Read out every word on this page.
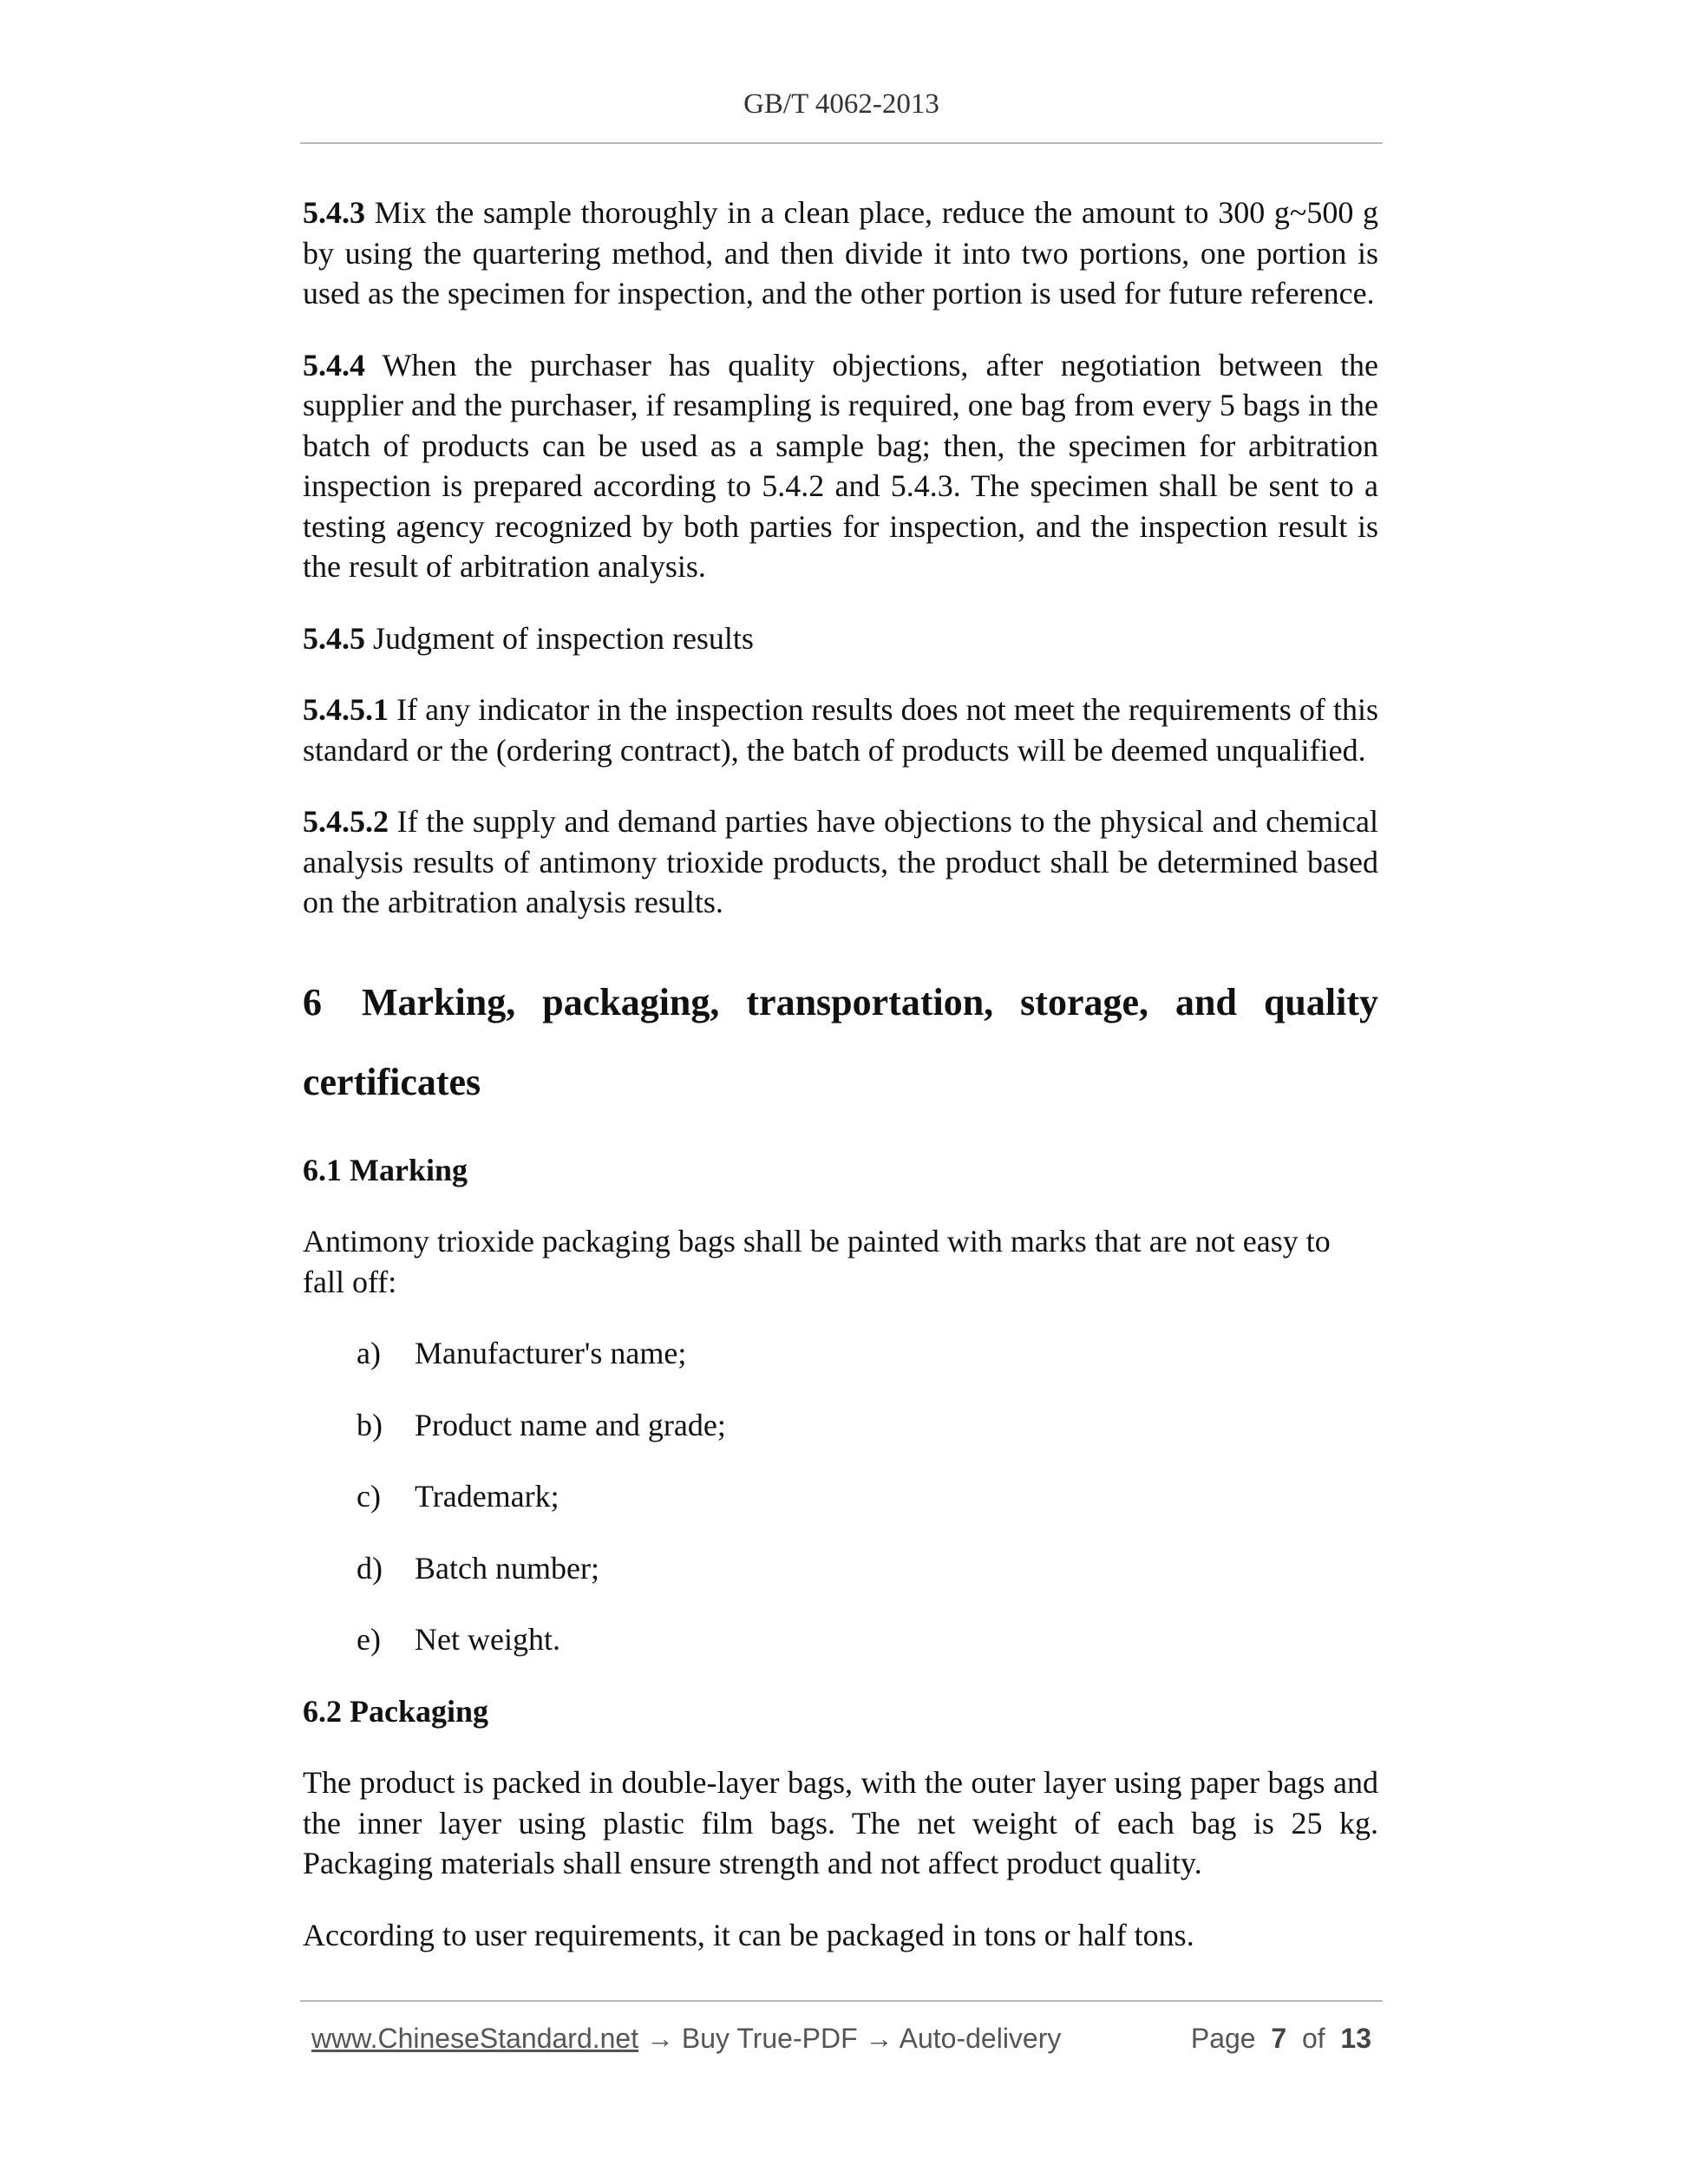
GB/T 4062-2013

5.4.3 Mix the sample thoroughly in a clean place, reduce the amount to 300 g~500 g by using the quartering method, and then divide it into two portions, one portion is used as the specimen for inspection, and the other portion is used for future reference.

5.4.4 When the purchaser has quality objections, after negotiation between the supplier and the purchaser, if resampling is required, one bag from every 5 bags in the batch of products can be used as a sample bag; then, the specimen for arbitration inspection is prepared according to 5.4.2 and 5.4.3. The specimen shall be sent to a testing agency recognized by both parties for inspection, and the inspection result is the result of arbitration analysis.

5.4.5 Judgment of inspection results

5.4.5.1 If any indicator in the inspection results does not meet the requirements of this standard or the (ordering contract), the batch of products will be deemed unqualified.

5.4.5.2 If the supply and demand parties have objections to the physical and chemical analysis results of antimony trioxide products, the product shall be determined based on the arbitration analysis results.

6 Marking, packaging, transportation, storage, and quality certificates
6.1 Marking

Antimony trioxide packaging bags shall be painted with marks that are not easy to fall off:

a) Manufacturer's name;
b) Product name and grade;
c) Trademark;
d) Batch number;
e) Net weight.
6.2 Packaging

The product is packed in double-layer bags, with the outer layer using paper bags and the inner layer using plastic film bags. The net weight of each bag is 25 kg. Packaging materials shall ensure strength and not affect product quality.

According to user requirements, it can be packaged in tons or half tons.

www.ChineseStandard.net → Buy True-PDF → Auto-delivery	Page 7 of 13
